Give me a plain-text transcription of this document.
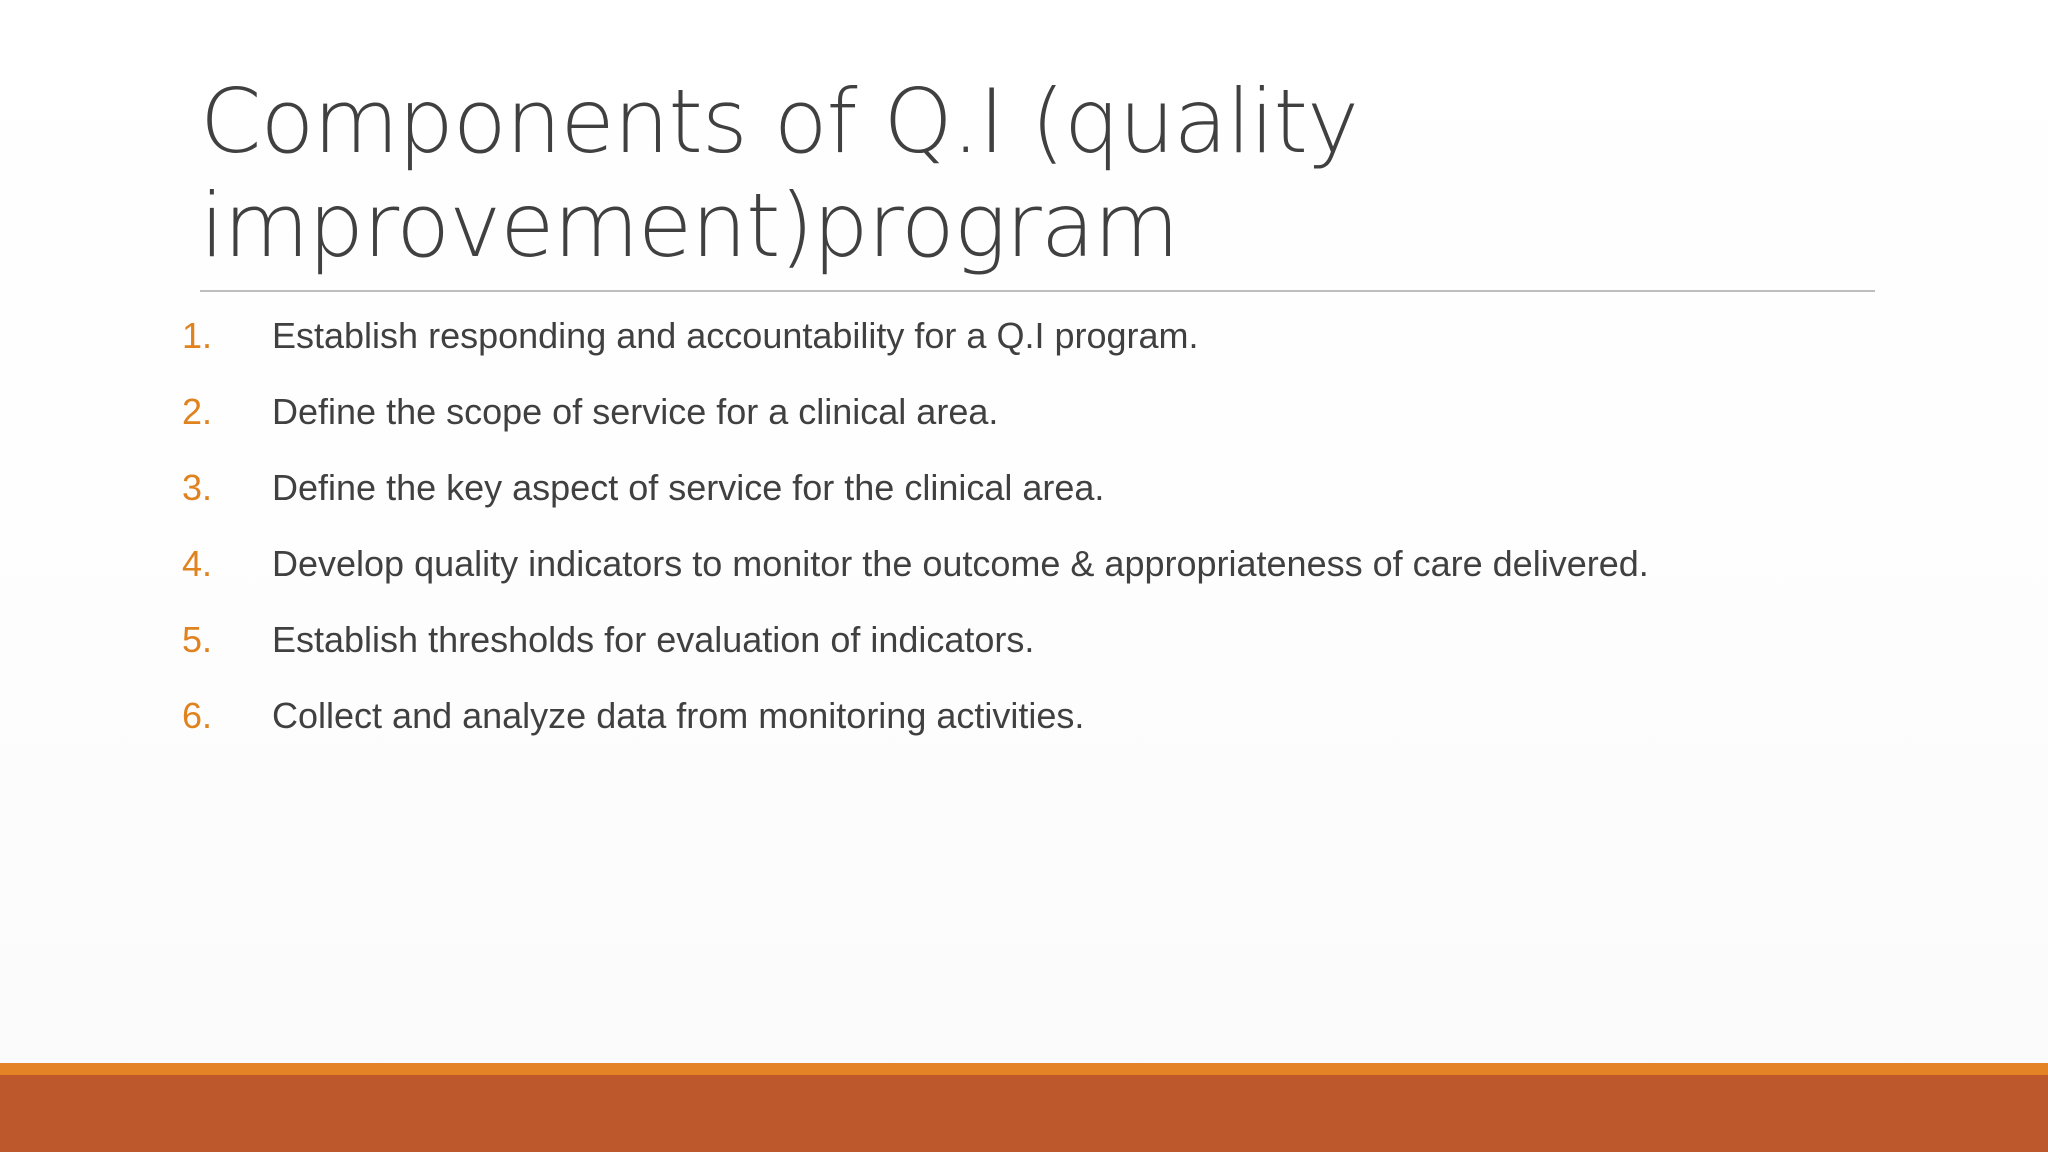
Components of Q.I (quality
improvement)program
1.	Establish responding and accountability for a Q.I program.
2.	Define the scope of service for a clinical area.
3.	Define the key aspect of service for the clinical area.
4.	Develop quality indicators to monitor the outcome & appropriateness of care delivered.
5.	Establish thresholds for evaluation of indicators.
6.	Collect and analyze data from monitoring activities.
